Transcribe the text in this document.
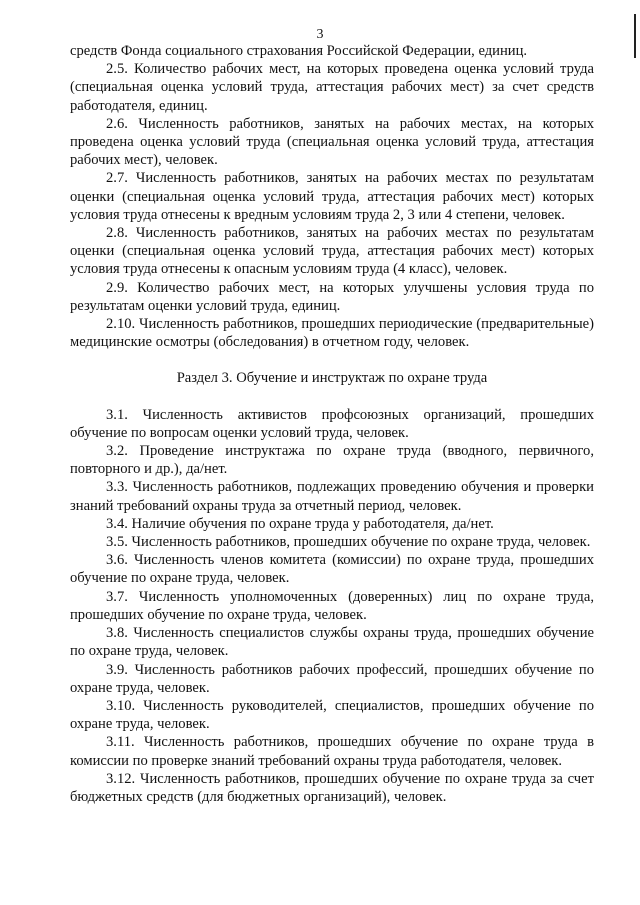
3

средств Фонда социального страхования Российской Федерации, единиц.

2.5. Количество рабочих мест, на которых проведена оценка условий труда (специальная оценка условий труда, аттестация рабочих мест) за счет средств работодателя, единиц.

2.6. Численность работников, занятых на рабочих местах, на которых проведена оценка условий труда (специальная оценка условий труда, аттестация рабочих мест), человек.

2.7. Численность работников, занятых на рабочих местах по результатам оценки (специальная оценка условий труда, аттестация рабочих мест) которых условия труда отнесены к вредным условиям труда 2, 3 или 4 степени, человек.

2.8. Численность работников, занятых на рабочих местах по результатам оценки (специальная оценка условий труда, аттестация рабочих мест) которых условия труда отнесены к опасным условиям труда (4 класс), человек.

2.9. Количество рабочих мест, на которых улучшены условия труда по результатам оценки условий труда, единиц.

2.10. Численность работников, прошедших периодические (предварительные) медицинские осмотры (обследования) в отчетном году, человек.

Раздел 3. Обучение и инструктаж по охране труда

3.1. Численность активистов профсоюзных организаций, прошедших обучение по вопросам оценки условий труда, человек.

3.2. Проведение инструктажа по охране труда (вводного, первичного, повторного и др.), да/нет.

3.3. Численность работников, подлежащих проведению обучения и проверки знаний требований охраны труда за отчетный период, человек.

3.4. Наличие обучения по охране труда у работодателя, да/нет.

3.5. Численность работников, прошедших обучение по охране труда, человек.

3.6. Численность членов комитета (комиссии) по охране труда, прошедших обучение по охране труда, человек.

3.7. Численность уполномоченных (доверенных) лиц по охране труда, прошедших обучение по охране труда, человек.

3.8. Численность специалистов службы охраны труда, прошедших обучение по охране труда, человек.

3.9. Численность работников рабочих профессий, прошедших обучение по охране труда, человек.

3.10. Численность руководителей, специалистов, прошедших обучение по охране труда, человек.

3.11. Численность работников, прошедших обучение по охране труда в комиссии по проверке знаний требований охраны труда работодателя, человек.

3.12. Численность работников, прошедших обучение по охране труда за счет бюджетных средств (для бюджетных организаций), человек.
